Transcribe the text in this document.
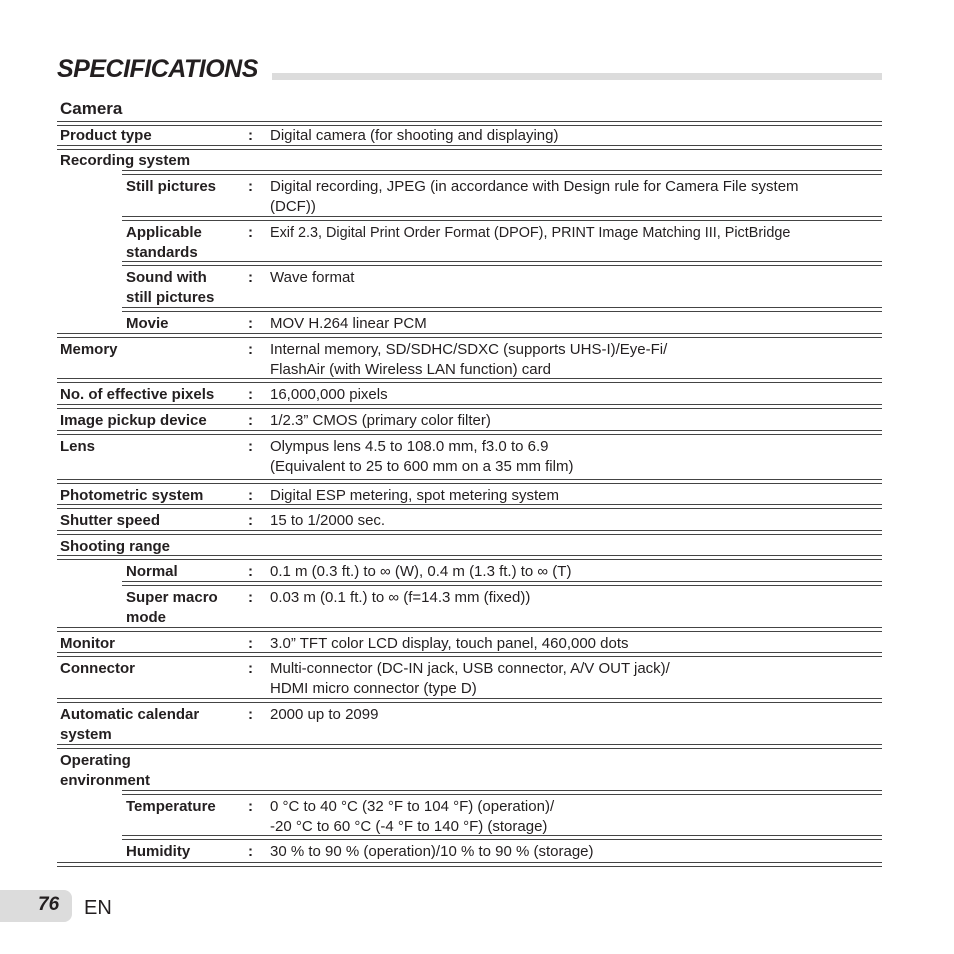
SPECIFICATIONS
Camera
Product type	: Digital camera (for shooting and displaying)
Recording system
Still pictures : Digital recording, JPEG (in accordance with Design rule for Camera File system
(DCF))
Applicable
standards
: Exif 2.3, Digital Print Order Format (DPOF), PRINT Image Matching III, PictBridge
Sound with
still pictures
: Wave format
Movie	: MOV H.264 linear PCM
Memory	: Internal memory, SD/SDHC/SDXC (supports UHS-I)/Eye-Fi/
FlashAir (with Wireless LAN function) card
No. of effective pixels : 16,000,000 pixels
Image pickup device	: 1/2.3” CMOS (primary color filter)
Lens	: Olympus lens 4.5 to 108.0 mm, f3.0 to 6.9
(Equivalent to 25 to 600 mm on a 35 mm film)
Photometric system	: Digital ESP metering, spot metering system
Shutter speed	: 15 to 1/2000 sec.
Shooting range
Normal	: 0.1 m (0.3 ft.) to ∞ (W), 0.4 m (1.3 ft.) to ∞ (T)
Super macro
mode
: 0.03 m (0.1 ft.) to ∞ (f=14.3 mm (fixed))
Monitor	: 3.0” TFT color LCD display, touch panel, 460,000 dots
Connector	: Multi-connector (DC-IN jack, USB connector, A/V OUT jack)/
HDMI micro connector (type D)
Automatic calendar
system
: 2000 up to 2099
Operating
environment
Temperature : 0 °C to 40 °C (32 °F to 104 °F) (operation)/
-20 °C to 60 °C (-4 °F to 140 °F) (storage)
Humidity	: 30 % to 90 % (operation)/10 % to 90 % (storage)
76 EN
